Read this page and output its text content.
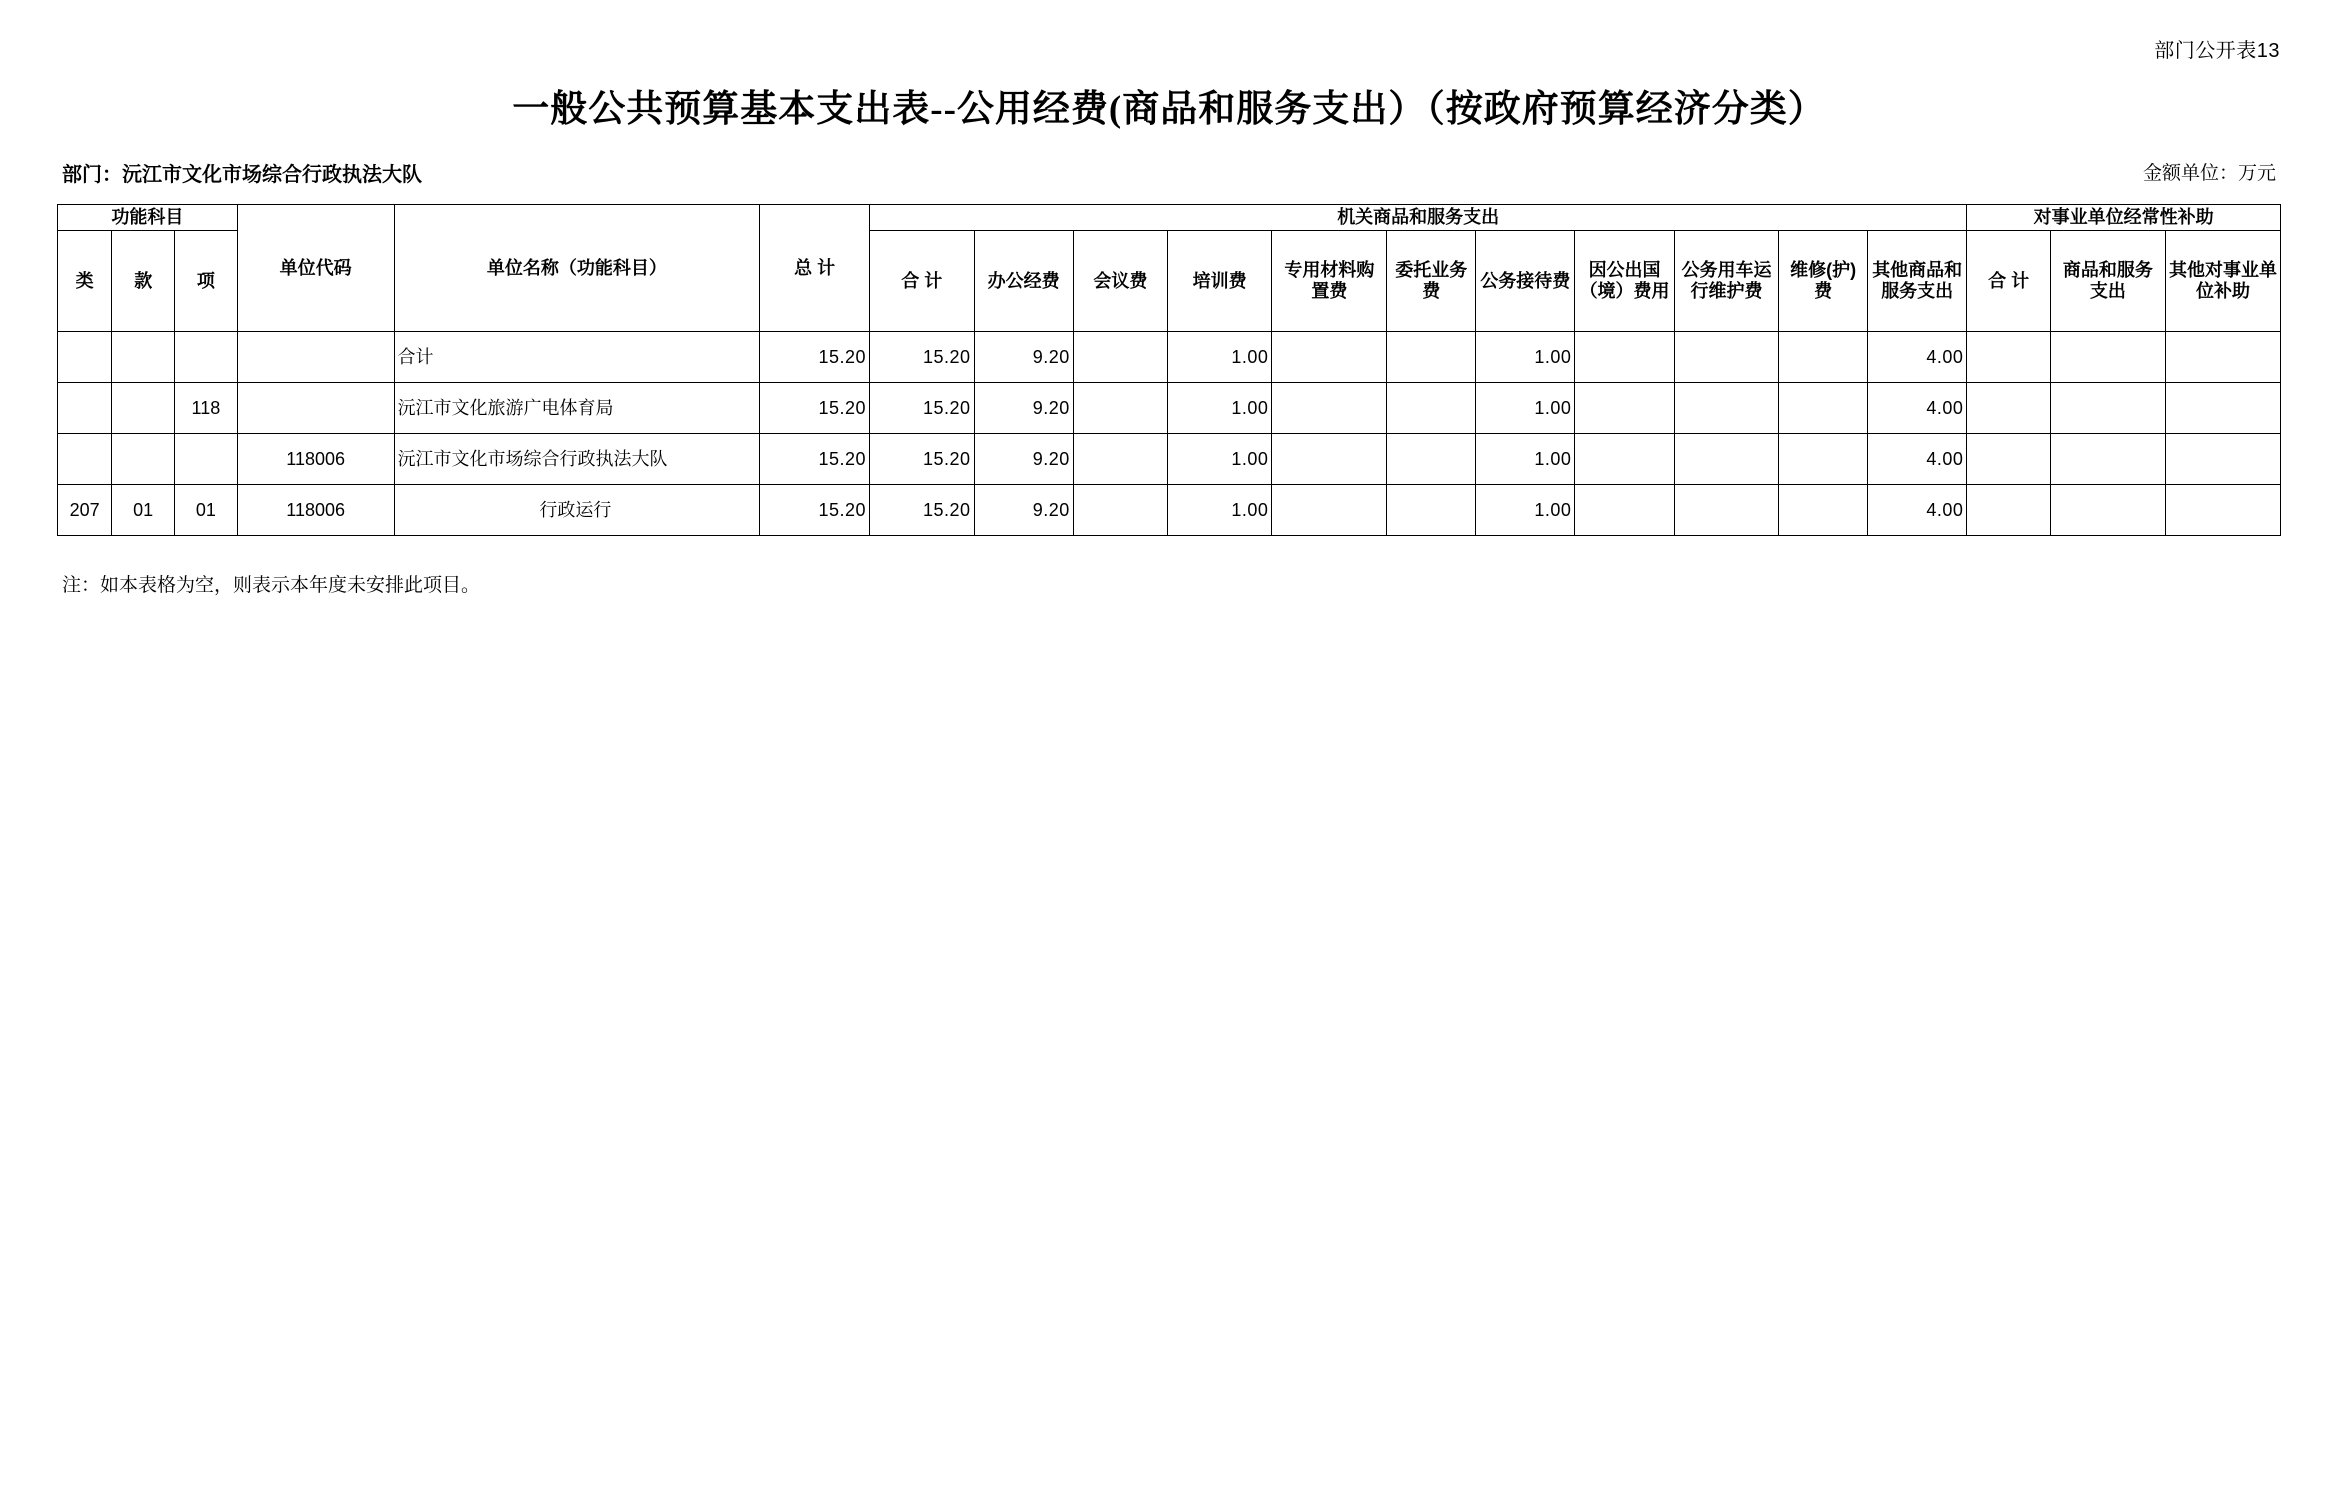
部门公开表13
一般公共预算基本支出表--公用经费(商品和服务支出）（按政府预算经济分类）
部门：沅江市文化市场综合行政执法大队	金额单位：万元
功能科目			单位代码	单位名称（功能科目）	总 计	机关商品和服务支出											对事业单位经常性补助		
类	款	项				合 计	办公经费	会议费	培训费	专用材料购置费	委托业务费	公务接待费	因公出国（境）费用	公务用车运行维护费	维修(护)费	其他商品和服务支出	合 计	商品和服务支出	其他对事业单位补助
				合计	15.20	15.20	9.20		1.00			1.00				4.00			
		118		沅江市文化旅游广电体育局	15.20	15.20	9.20		1.00			1.00				4.00			
			118006	沅江市文化市场综合行政执法大队	15.20	15.20	9.20		1.00			1.00				4.00			
207	01	01	118006	行政运行	15.20	15.20	9.20		1.00			1.00				4.00			
注：如本表格为空，则表示本年度未安排此项目。
